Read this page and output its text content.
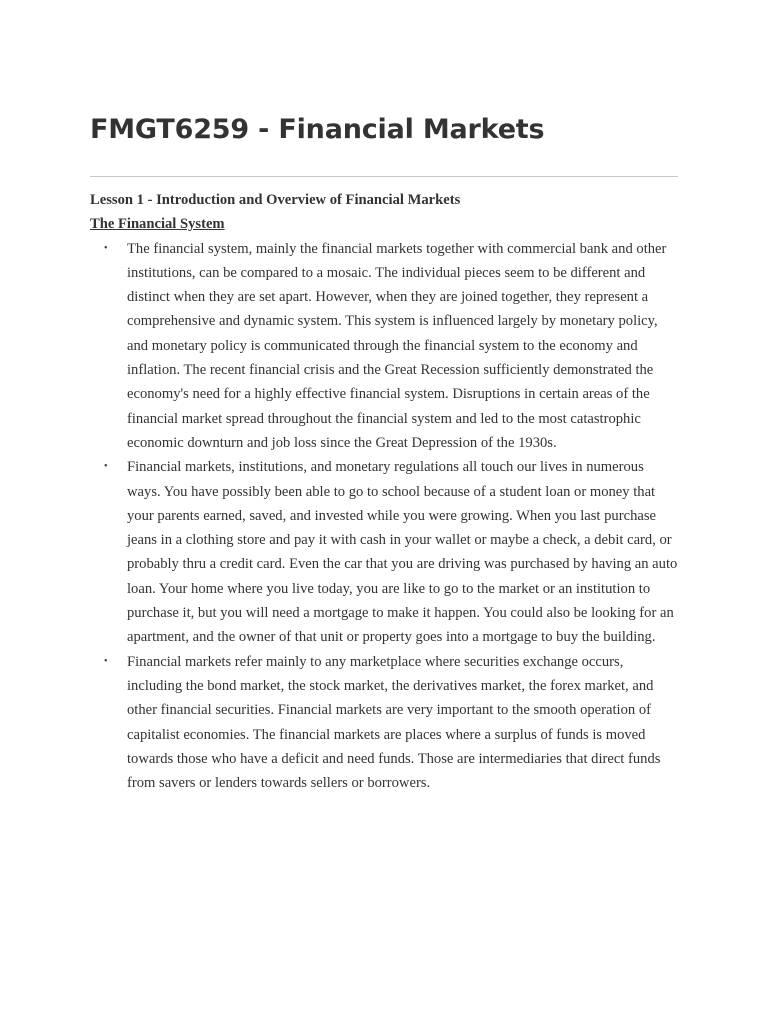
FMGT6259 - Financial Markets

Lesson 1 - Introduction and Overview of Financial Markets

The Financial System

• The financial system, mainly the financial markets together with commercial bank and other institutions, can be compared to a mosaic. The individual pieces seem to be different and distinct when they are set apart. However, when they are joined together, they represent a comprehensive and dynamic system. This system is influenced largely by monetary policy, and monetary policy is communicated through the financial system to the economy and inflation. The recent financial crisis and the Great Recession sufficiently demonstrated the economy's need for a highly effective financial system. Disruptions in certain areas of the financial market spread throughout the financial system and led to the most catastrophic economic downturn and job loss since the Great Depression of the 1930s.
• Financial markets, institutions, and monetary regulations all touch our lives in numerous ways. You have possibly been able to go to school because of a student loan or money that your parents earned, saved, and invested while you were growing. When you last purchase jeans in a clothing store and pay it with cash in your wallet or maybe a check, a debit card, or probably thru a credit card. Even the car that you are driving was purchased by having an auto loan. Your home where you live today, you are like to go to the market or an institution to purchase it, but you will need a mortgage to make it happen. You could also be looking for an apartment, and the owner of that unit or property goes into a mortgage to buy the building.
• Financial markets refer mainly to any marketplace where securities exchange occurs, including the bond market, the stock market, the derivatives market, the forex market, and other financial securities. Financial markets are very important to the smooth operation of capitalist economies. The financial markets are places where a surplus of funds is moved towards those who have a deficit and need funds. Those are intermediaries that direct funds from savers or lenders towards sellers or borrowers.
